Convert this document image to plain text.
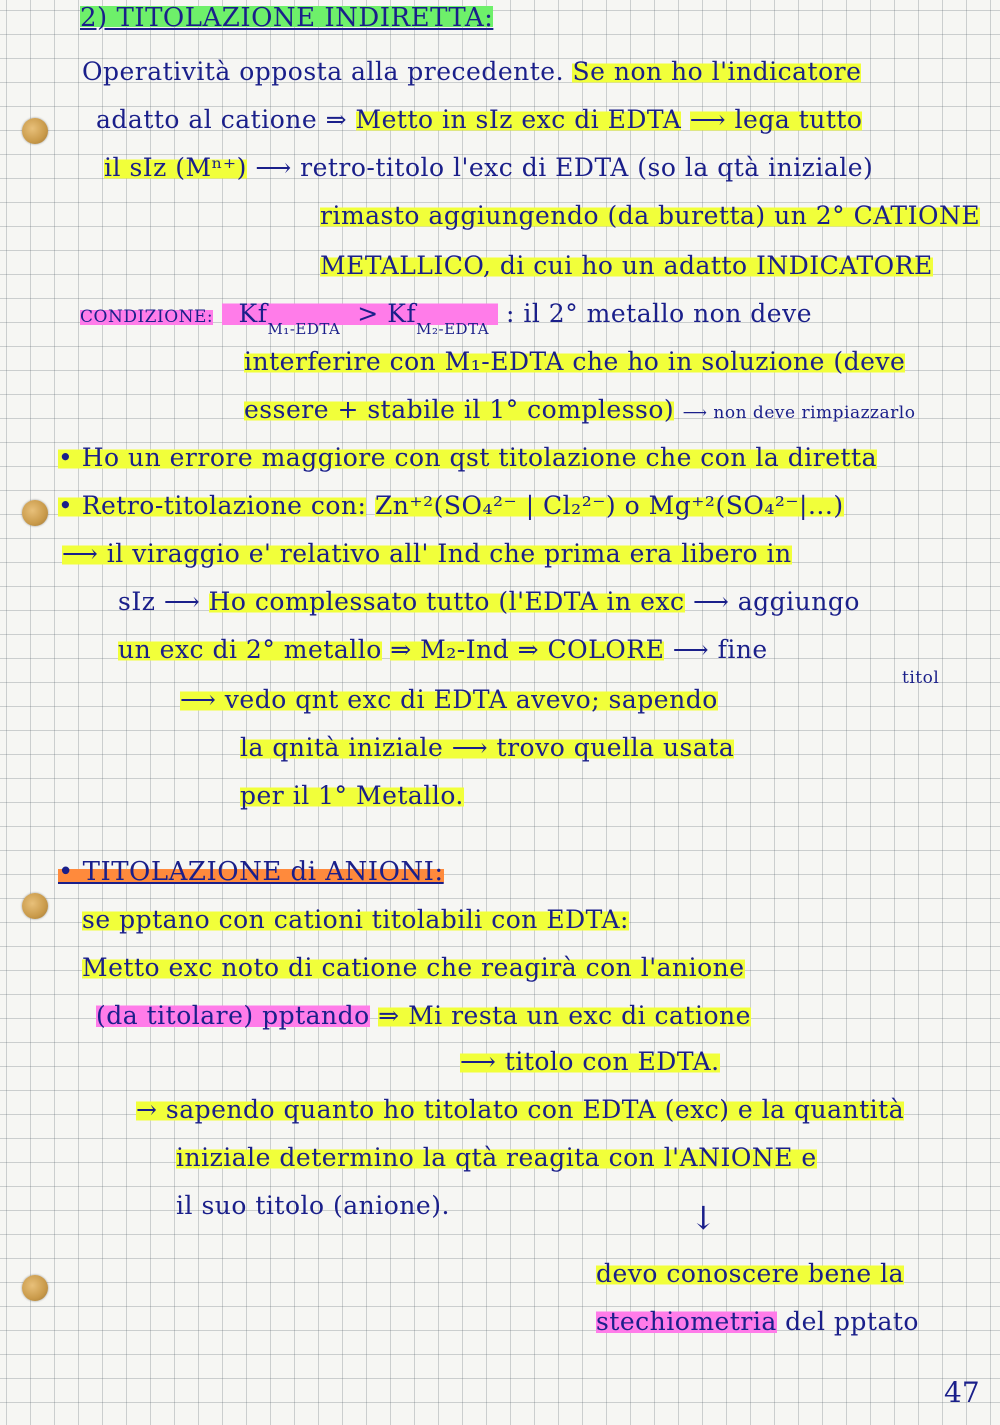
2) TITOLAZIONE INDIRETTA:
Operatività opposta alla precedente. Se non ho l'indicatore
adatto al catione ⇒ Metto in sIz exc di EDTA ⟶ lega tutto
il sIz (Mⁿ⁺) ⟶ retro-titolo l'exc di EDTA (so la qtà iniziale)
rimasto aggiungendo (da buretta) un 2° CATIONE
METALLICO, di cui ho un adatto INDICATORE
CONDIZIONE: $Kf_{M_1-EDTA} > Kf_{M_2-EDTA}$  : il 2° metallo non deve
interferire con M₁-EDTA che ho in soluzione (deve
essere + stabile il 1° complesso) ⟶ non deve rimpiazzarlo
• Ho un errore maggiore con qst titolazione che con la diretta
• Retro-titolazione con: Zn⁺²(SO₄²⁻ | Cl₂²⁻) o Mg⁺²(SO₄²⁻|...)
⟶ il viraggio e' relativo all' Ind che prima era libero in
sIz ⟶ Ho complessato tutto (l'EDTA in exc ⟶ aggiungo
un exc di 2° metallo ⇒ M₂-Ind ⇒ COLORE ⟶ fine
titol
⟶ vedo qnt exc di EDTA avevo; sapendo
la qnità iniziale ⟶ trovo quella usata
per il 1° Metallo.
• TITOLAZIONE di ANIONI:
se pptano con cationi titolabili con EDTA:
Metto exc noto di catione che reagirà con l'anione
(da titolare) pptando ⇒ Mi resta un exc di catione
⟶ titolo con EDTA.
→ sapendo quanto ho titolato con EDTA (exc) e la quantità
iniziale determino la qtà reagita con l'ANIONE e
il suo titolo (anione).	↓
devo conoscere bene la
stechiometria del pptato
47
